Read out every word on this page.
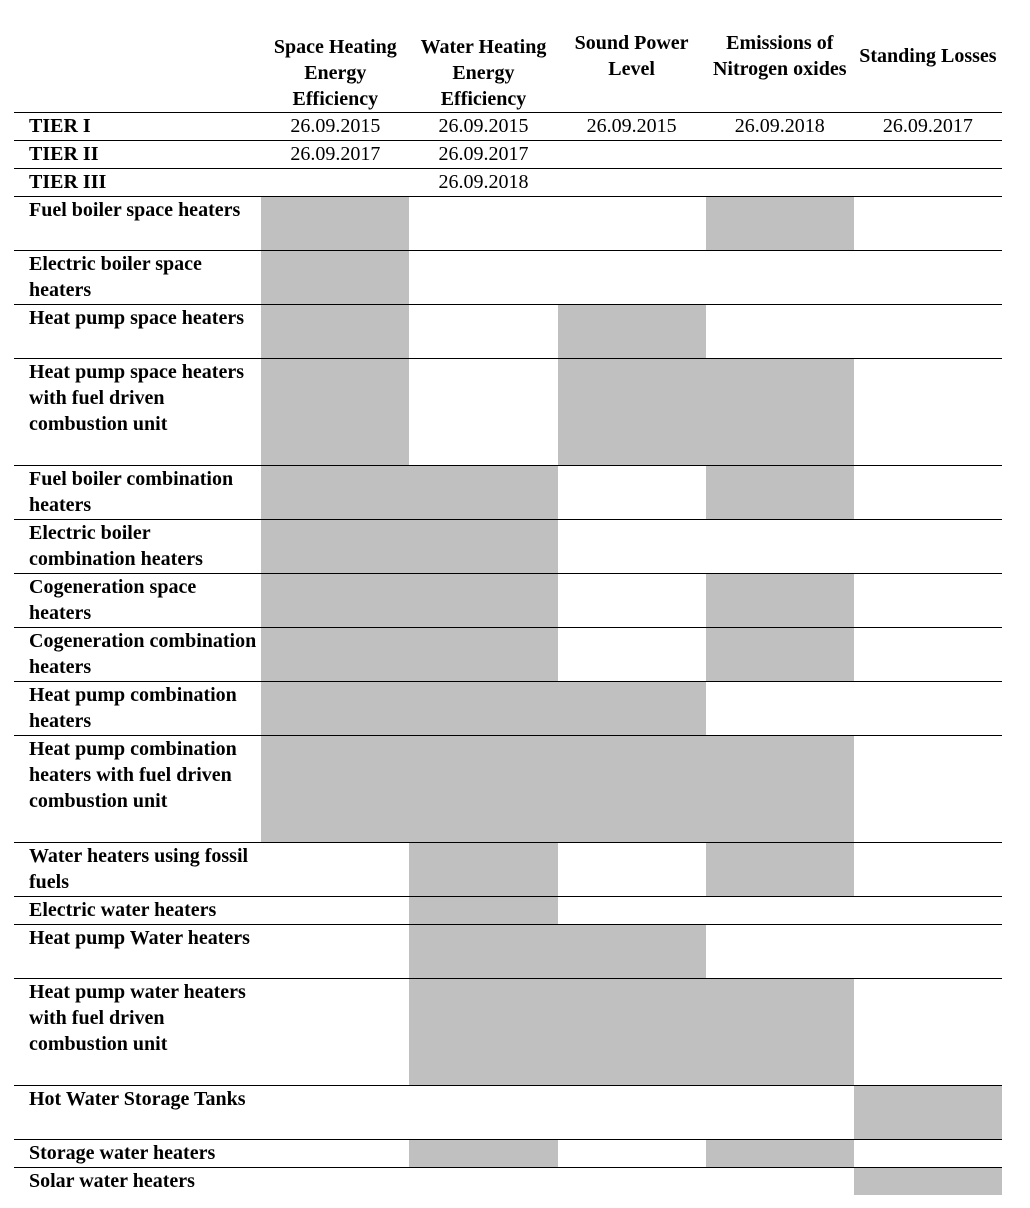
	Space Heating Energy Efficiency	Water Heating Energy Efficiency	Sound Power Level	Emissions of Nitrogen oxides	Standing Losses
TIER I	26.09.2015	26.09.2015	26.09.2015	26.09.2018	26.09.2017
TIER II	26.09.2017	26.09.2017			
TIER III		26.09.2018			
Fuel boiler space heaters					
Electric boiler space heaters					
Heat pump space heaters					
Heat pump space heaters with fuel driven combustion unit					
Fuel boiler combination heaters					
Electric boiler combination heaters					
Cogeneration space heaters					
Cogeneration combination heaters					
Heat pump combination heaters					
Heat pump combination heaters with fuel driven combustion unit					
Water heaters using fossil fuels					
Electric water heaters					
Heat pump Water heaters					
Heat pump water heaters with fuel driven combustion unit					
Hot Water Storage Tanks					
Storage water heaters					
Solar water heaters					
